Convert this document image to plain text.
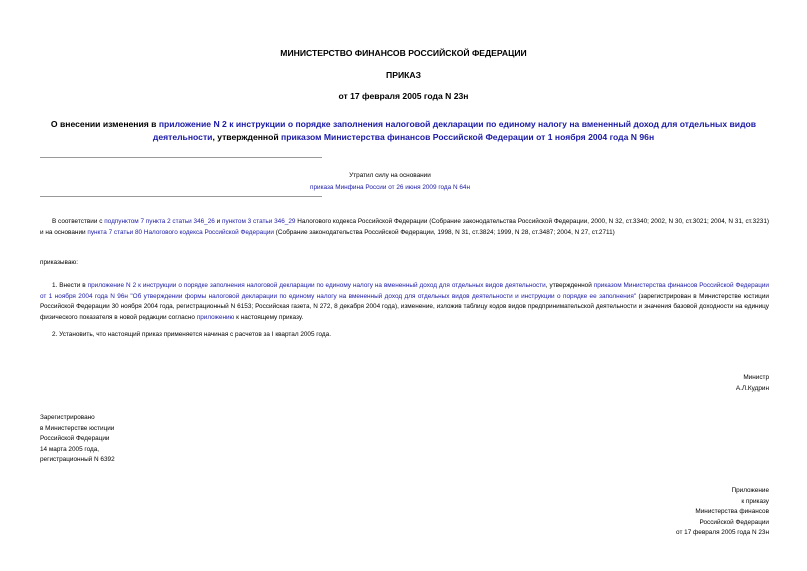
МИНИСТЕРСТВО ФИНАНСОВ РОССИЙСКОЙ ФЕДЕРАЦИИ
ПРИКАЗ
от 17 февраля 2005 года N 23н
О внесении изменения в приложение N 2 к инструкции о порядке заполнения налоговой декларации по единому налогу на вмененный доход для отдельных видов деятельности, утвержденной приказом Министерства финансов Российской Федерации от 1 ноября 2004 года N 96н
Утратил силу на основании
приказа Минфина России от 26 июня 2009 года N 64н
В соответствии с подпунктом 7 пункта 2 статьи 346_26 и пунктом 3 статьи 346_29 Налогового кодекса Российской Федерации (Собрание законодательства Российской Федерации, 2000, N 32, ст.3340; 2002, N 30, ст.3021; 2004, N 31, ст.3231) и на основании пункта 7 статьи 80 Налогового кодекса Российской Федерации (Собрание законодательства Российской Федерации, 1998, N 31, ст.3824; 1999, N 28, ст.3487; 2004, N 27, ст.2711)
приказываю:
1. Внести в приложение N 2 к инструкции о порядке заполнения налоговой декларации по единому налогу на вмененный доход для отдельных видов деятельности, утвержденной приказом Министерства финансов Российской Федерации от 1 ноября 2004 года N 96н "Об утверждении формы налоговой декларации по единому налогу на вмененный доход для отдельных видов деятельности и инструкции о порядке ее заполнения" (зарегистрирован в Министерстве юстиции Российской Федерации 30 ноября 2004 года, регистрационный N 6153; Российская газета, N 272, 8 декабря 2004 года), изменение, изложив таблицу кодов видов предпринимательской деятельности и значения базовой доходности на единицу физического показателя в новой редакции согласно приложению к настоящему приказу.
2. Установить, что настоящий приказ применяется начиная с расчетов за I квартал 2005 года.
Министр
А.Л.Кудрин
Зарегистрировано
в Министерстве юстиции
Российской Федерации
14 марта 2005 года,
регистрационный N 6392
Приложение
к приказу
Министерства финансов
Российской Федерации
от 17 февраля 2005 года N 23н
